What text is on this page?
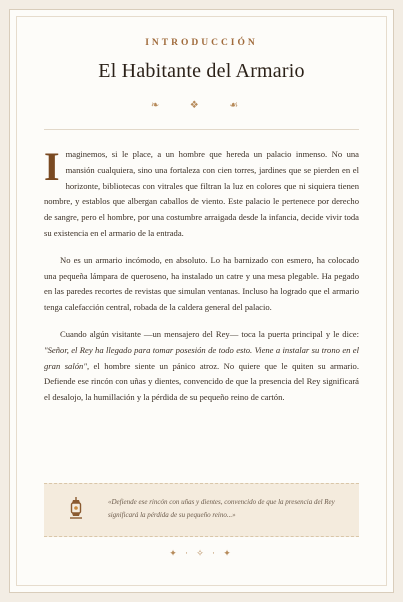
INTRODUCCIÓN
El Habitante del Armario
❧ ❖ ☙

Imaginemos, si le place, a un hombre que hereda un palacio inmenso. No una mansión cualquiera, sino una fortaleza con cien torres, jardines que se pierden en el horizonte, bibliotecas con vitrales que filtran la luz en colores que ni siquiera tienen nombre, y establos que albergan caballos de viento. Este palacio le pertenece por derecho de sangre, pero el hombre, por una costumbre arraigada desde la infancia, decide vivir toda su existencia en el armario de la entrada.

No es un armario incómodo, en absoluto. Lo ha barnizado con esmero, ha colocado una pequeña lámpara de queroseno, ha instalado un catre y una mesa plegable. Ha pegado en las paredes recortes de revistas que simulan ventanas. Incluso ha logrado que el armario tenga calefacción central, robada de la caldera general del palacio.

Cuando algún visitante —un mensajero del Rey— toca la puerta principal y le dice: "Señor, el Rey ha llegado para tomar posesión de todo esto. Viene a instalar su trono en el gran salón", el hombre siente un pánico atroz. No quiere que le quiten su armario. Defiende ese rincón con uñas y dientes, convencido de que la presencia del Rey significará el desalojo, la humillación y la pérdida de su pequeño reino de cartón.

«Defiende ese rincón con uñas y dientes, convencido de que la presencia del Rey significará la pérdida de su pequeño reino...»
✦ · ✧ · ✦
